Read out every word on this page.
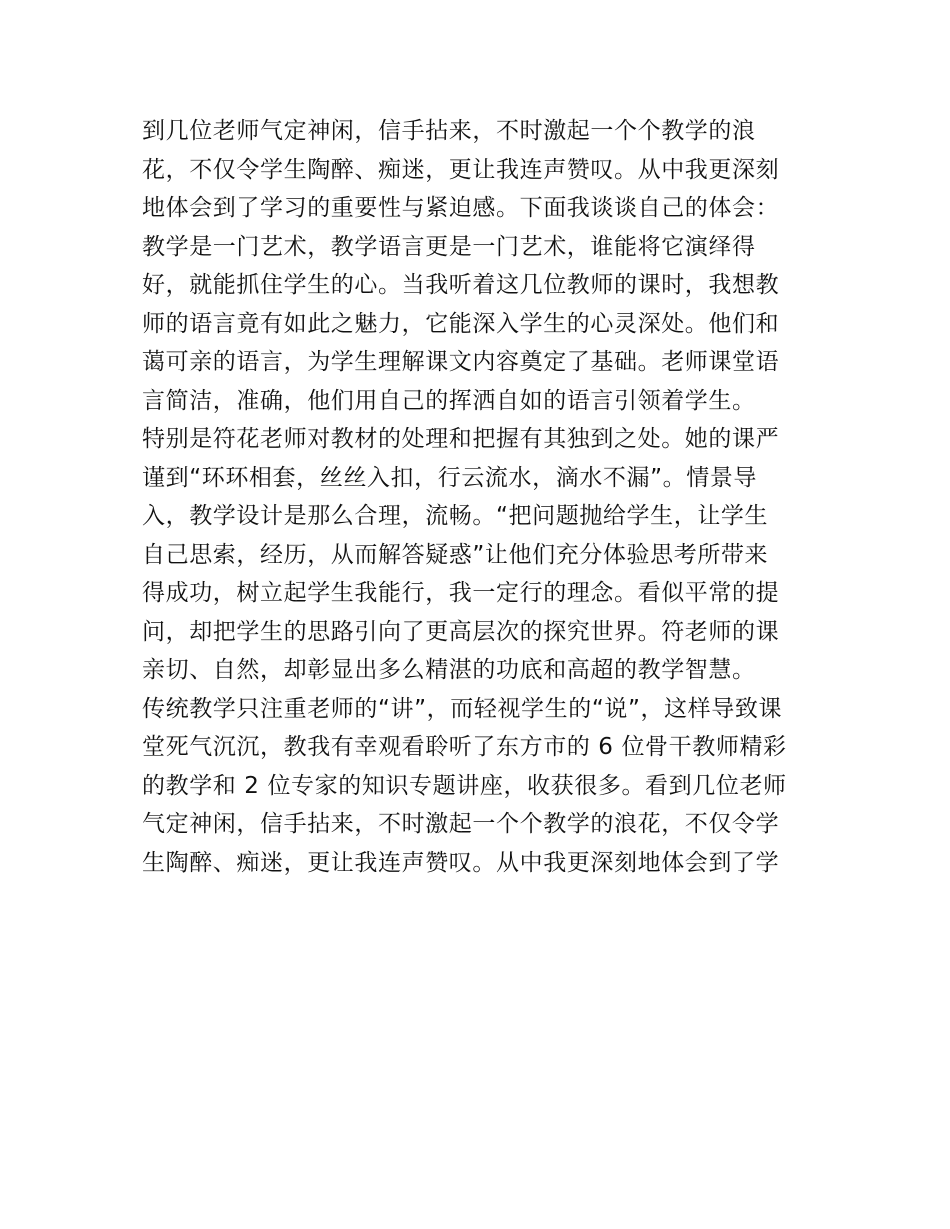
到几位老师气定神闲，信手拈来，不时激起一个个教学的浪
花，不仅令学生陶醉、痴迷，更让我连声赞叹。从中我更深刻
地体会到了学习的重要性与紧迫感。下面我谈谈自己的体会：
教学是一门艺术，教学语言更是一门艺术，谁能将它演绎得
好，就能抓住学生的心。当我听着这几位教师的课时，我想教
师的语言竟有如此之魅力，它能深入学生的心灵深处。他们和
蔼可亲的语言，为学生理解课文内容奠定了基础。老师课堂语
言简洁，准确，他们用自己的挥洒自如的语言引领着学生。
特别是符花老师对教材的处理和把握有其独到之处。她的课严
谨到“环环相套，丝丝入扣，行云流水，滴水不漏”。情景导
入，教学设计是那么合理，流畅。“把问题抛给学生，让学生
自己思索，经历，从而解答疑惑”让他们充分体验思考所带来
得成功，树立起学生我能行，我一定行的理念。看似平常的提
问，却把学生的思路引向了更高层次的探究世界。符老师的课
亲切、自然，却彰显出多么精湛的功底和高超的教学智慧。
传统教学只注重老师的“讲”，而轻视学生的“说”，这样导致课
堂死气沉沉，教我有幸观看聆听了东方市的 6 位骨干教师精彩
的教学和 2 位专家的知识专题讲座，收获很多。看到几位老师
气定神闲，信手拈来，不时激起一个个教学的浪花，不仅令学
生陶醉、痴迷，更让我连声赞叹。从中我更深刻地体会到了学
